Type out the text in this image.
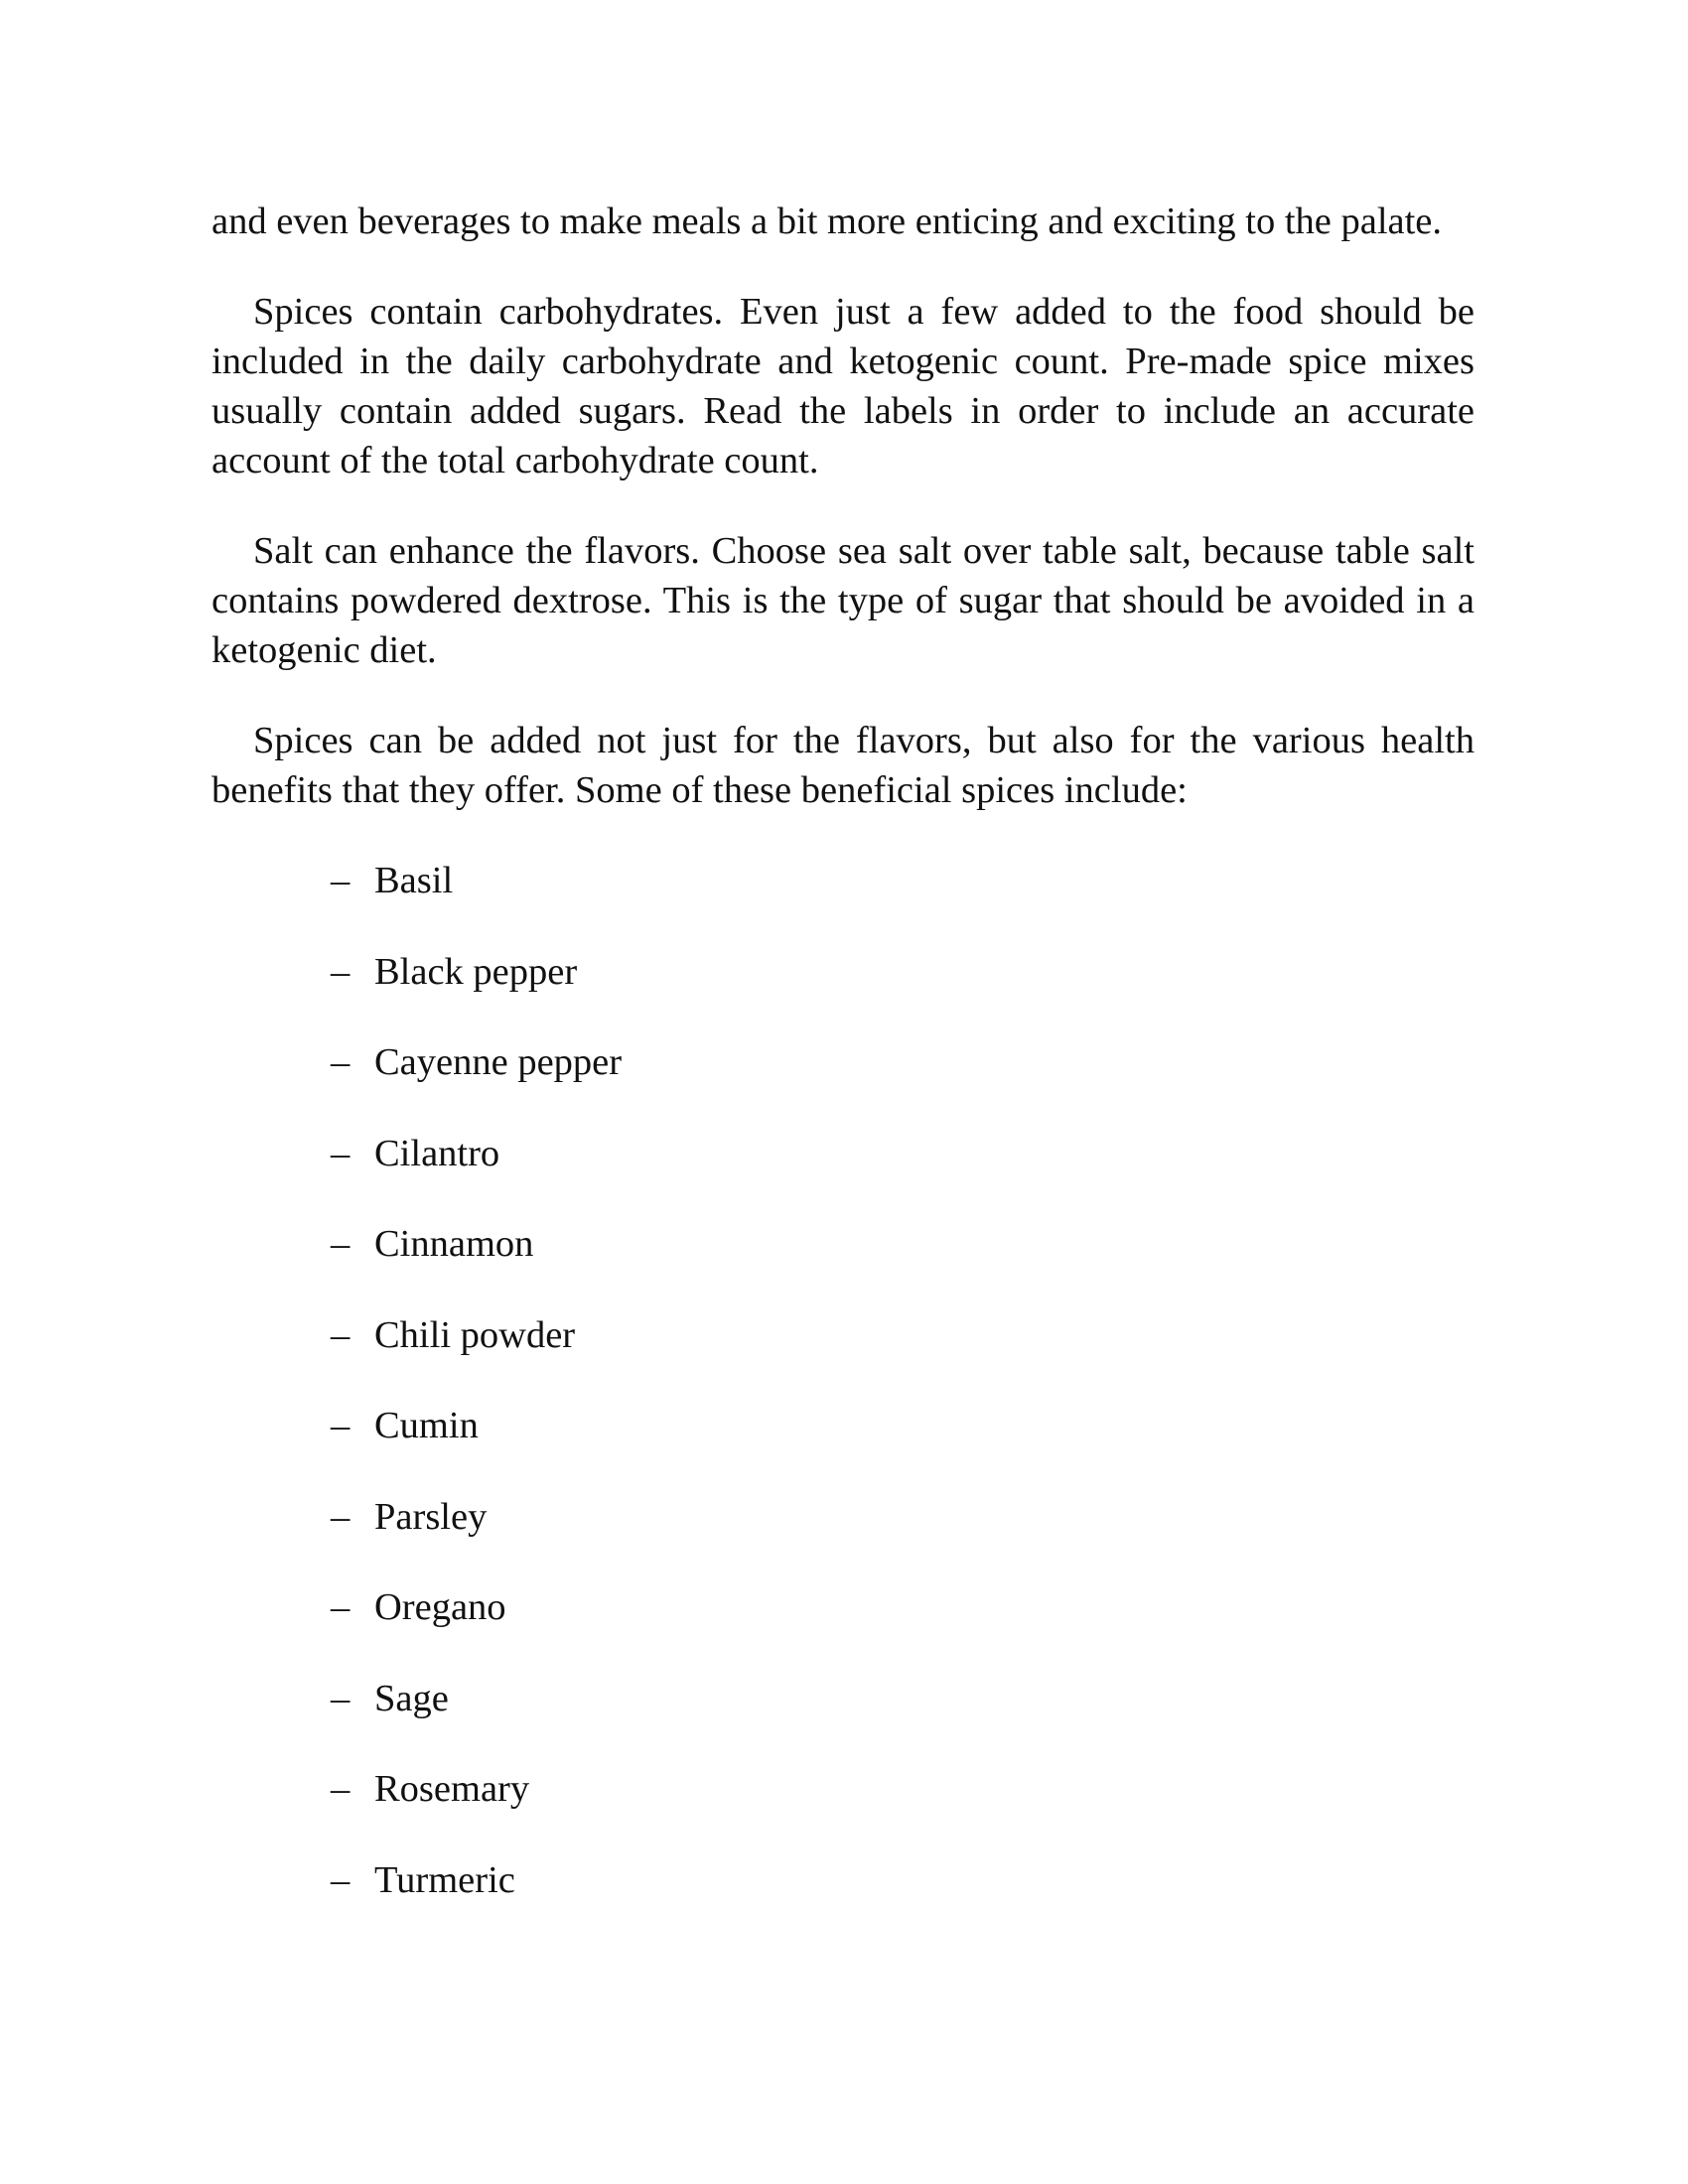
and even beverages to make meals a bit more enticing and exciting to the palate.

Spices contain carbohydrates. Even just a few added to the food should be included in the daily carbohydrate and ketogenic count. Pre-made spice mixes usually contain added sugars. Read the labels in order to include an accurate account of the total carbohydrate count.

Salt can enhance the flavors. Choose sea salt over table salt, because table salt contains powdered dextrose. This is the type of sugar that should be avoided in a ketogenic diet.

Spices can be added not just for the flavors, but also for the various health benefits that they offer. Some of these beneficial spices include:

– Basil
– Black pepper
– Cayenne pepper
– Cilantro
– Cinnamon
– Chili powder
– Cumin
– Parsley
– Oregano
– Sage
– Rosemary
– Turmeric
